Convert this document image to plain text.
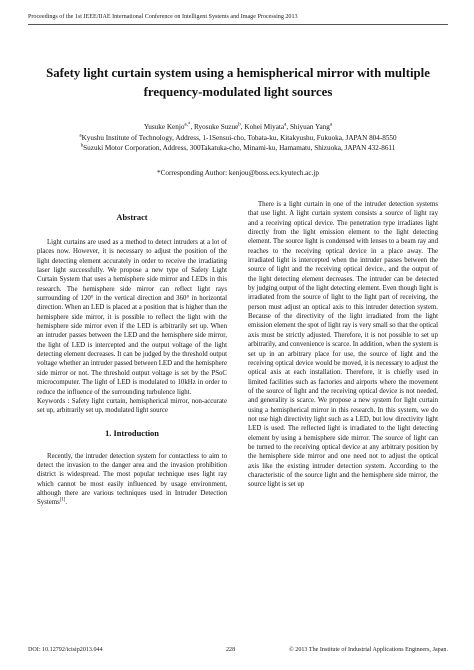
Proceedings of the 1st IEEE/IIAE International Conference on Intelligent Systems and Image Processing 2013
Safety light curtain system using a hemispherical mirror with multiple
frequency-modulated light sources

Yusuke Kenjo$^{a,*}$, Ryosuke Suzue$^b$, Kohei Miyata$^a$, Shiyuan Yang$^a$

$^a$Kyushu Institute of Technology, Address, 1-1Sensui-cho, Tobata-ku, Kitakyushu, Fukuoka, JAPAN 804-8550

$^b$Suzuki Motor Corporation, Address, 300Takatuka-cho, Minami-ku, Hamamatu, Shizuoka, JAPAN 432-8611

*Corresponding Author: kenjou@boss.ecs.kyutech.ac.jp
Abstract

Light curtains are used as a method to detect intruders at a lot of places now. However, it is necessary to adjust the position of the light detecting element accurately in order to receive the irradiating laser light successfully. We propose a new type of Safety Light Curtain System that uses a hemisphere side mirror and LEDs in this research. The hemisphere side mirror can reflect light rays surrounding of 120° in the vertical direction and 360° in horizontal direction. When an LED is placed at a position that is higher than the hemisphere side mirror, it is possible to reflect the light with the hemisphere side mirror even if the LED is arbitrarily set up. When an intruder passes between the LED and the hemisphere side mirror, the light of LED is intercepted and the output voltage of the light detecting element decreases. It can be judged by the threshold output voltage whether an intruder passed between LED and the hemisphere side mirror or not. The threshold output voltage is set by the PSoC microcomputer. The light of LED is modulated to 10kHz in order to reduce the influence of the surrounding turbulence light.

Keywords : Safety light curtain, hemispherical mirror, non-accurate set up, arbitrarily set up, modulated light source

1. Introduction

Recently, the intruder detection system for contactless to aim to detect the invasion to the danger area and the invasion prohibition district is widespread. The most popular technique uses light ray which cannot be most easily influenced by usage environment, although there are various techniques used in Intruder Detection Systems[1].

There is a light curtain in one of the intruder detection systems that use light. A light curtain system consists a source of light ray and a receiving optical device. The penetration type irradiates light directly from the light emission element to the light detecting element. The source light is condensed with lenses to a beam ray and reaches to the receiving optical device in a place away. The irradiated light is intercepted when the intruder passes between the source of light and the receiving optical device., and the output of the light detecting element decreases. The intruder can be detected by judging output of the light detecting element. Even though light is irradiated from the source of light to the light part of receiving, the person must adjust an optical axis to this intruder detection system. Because of the directivity of the light irradiated from the light emission element the spot of light ray is very small so that the optical axis must be strictly adjusted. Therefore, it is not possible to set up arbitrarily, and convenience is scarce. In addition, when the system is set up in an arbitrary place for use, the source of light and the receiving optical device would be moved, it is necessary to adjust the optical axis at each installation. Therefore, it is chiefly used in limited facilities such as factories and airports where the movement of the source of light and the receiving optical device is not needed, and generality is scarce. We propose a new system for light curtain using a hemispherical mirror in this research. In this system, we do not use high directivity light such as a LED, but low directivity light LED is used. The reflected light is irradiated to the light detecting element by using a hemisphere side mirror. The source of light can be turned to the receiving optical device at any arbitrary position by the hemisphere side mirror and one need not to adjust the optical axis like the existing intruder detection system. According to the characteristic of the source light and the hemisphere side mirror, the source light is set up

DOI: 10.12792/icisip2013.044	228	© 2013 The Institute of Industrial Applications Engineers, Japan.
